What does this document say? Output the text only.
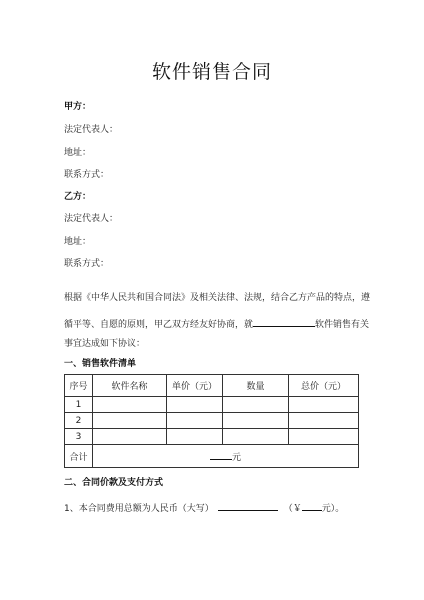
软件销售合同
甲方：
法定代表人：
地址：
联系方式：
乙方：
法定代表人：
地址：
联系方式：
根据《中华人民共和国合同法》及相关法律、法规，结合乙方产品的特点，遵
循平等、自愿的原则，甲乙双方经友好协商，就	软件销售有关
事宜达成如下协议：
一、销售软件清单
序号	软件名称	单价（元）	数量	总价（元）
1				
2				
3				
合计	元			
二、合同价款及支付方式
1、本合同费用总额为人民币（大写）	（￥ 元）。
